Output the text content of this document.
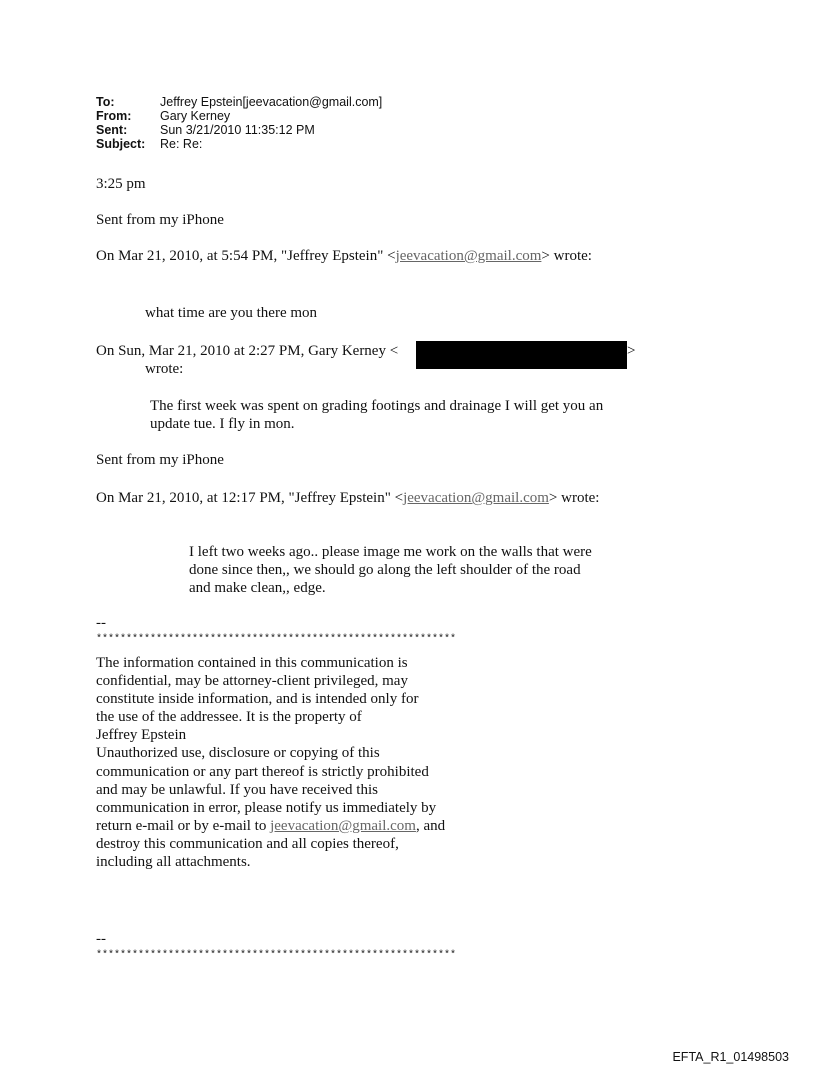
To:	Jeffrey Epstein[jeevacation@gmail.com]
From:	Gary Kerney
Sent:	Sun 3/21/2010 11:35:12 PM
Subject:	Re: Re:
3:25 pm
Sent from my iPhone
On Mar 21, 2010, at 5:54 PM, "Jeffrey Epstein" <jeevacation@gmail.com> wrote:
what time are you there mon
On Sun, Mar 21, 2010 at 2:27 PM, Gary Kerney <	>
wrote:
The first week was spent on grading footings and drainage I will get you an
update tue. I fly in mon.
Sent from my iPhone
On Mar 21, 2010, at 12:17 PM, "Jeffrey Epstein" <jeevacation@gmail.com> wrote:
I left two weeks ago.. please image me work on the walls that were
done since then,, we should go along the left shoulder of the road
and make clean,, edge.
--
************************************************************
The information contained in this communication is
confidential, may be attorney-client privileged, may
constitute inside information, and is intended only for
the use of the addressee. It is the property of
Jeffrey Epstein
Unauthorized use, disclosure or copying of this
communication or any part thereof is strictly prohibited
and may be unlawful. If you have received this
communication in error, please notify us immediately by
return e-mail or by e-mail to jeevacation@gmail.com, and
destroy this communication and all copies thereof,
including all attachments.
--
************************************************************
EFTA_R1_01498503
